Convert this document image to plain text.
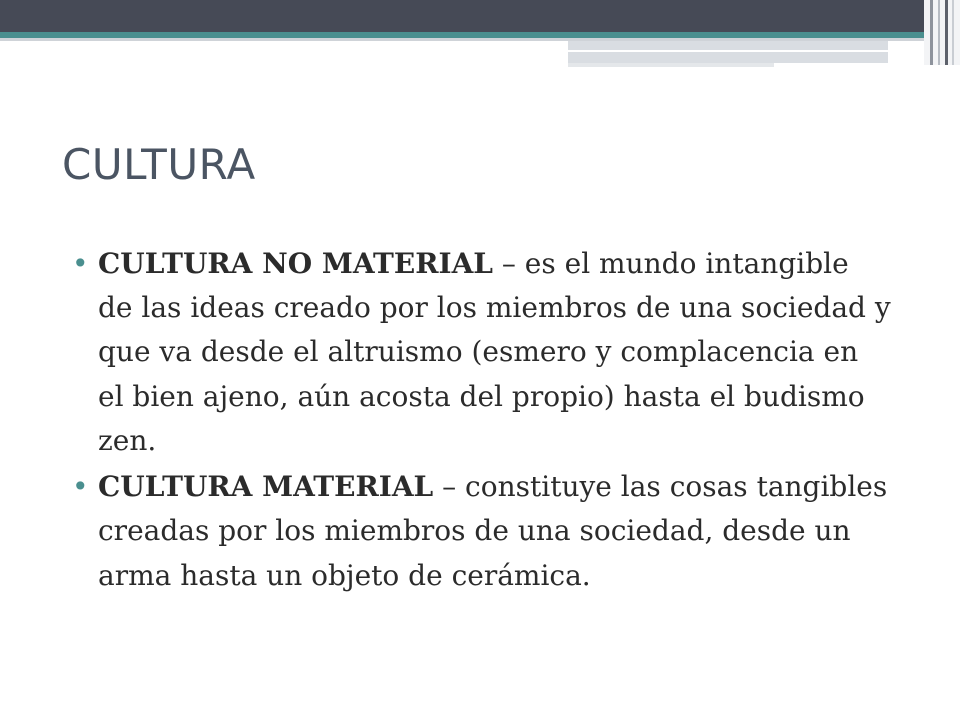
CULTURA
• CULTURA NO MATERIAL – es el mundo intangible de las ideas creado por los miembros de una sociedad y que va desde el altruismo (esmero y complacencia en el bien ajeno, aún acosta del propio) hasta el budismo zen.
• CULTURA MATERIAL – constituye las cosas tangibles creadas por los miembros de una sociedad, desde un arma hasta un objeto de cerámica.
